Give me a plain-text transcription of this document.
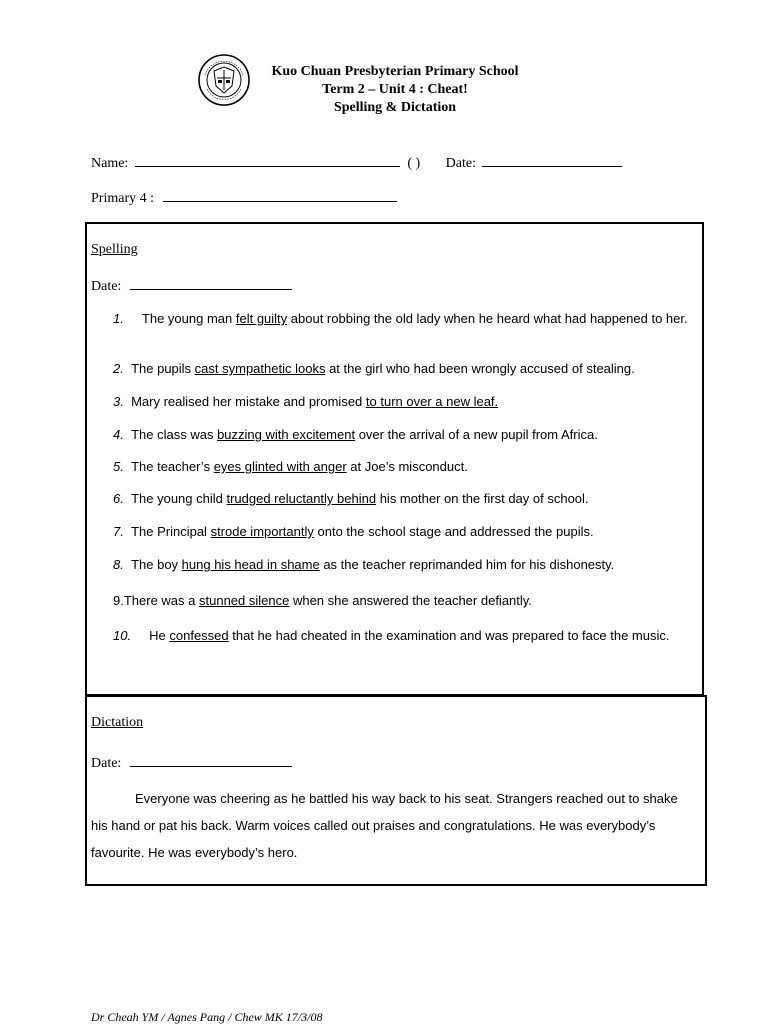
Kuo Chuan Presbyterian Primary School
Term 2 – Unit 4 : Cheat!
Spelling & Dictation
Name:	( ) Date:
Primary 4 :
Spelling
Date:
1. The young man felt guilty about robbing the old lady when he heard what had happened to her.
2. The pupils cast sympathetic looks at the girl who had been wrongly accused of stealing.
3. Mary realised her mistake and promised to turn over a new leaf.
4. The class was buzzing with excitement over the arrival of a new pupil from Africa.
5. The teacher’s eyes glinted with anger at Joe’s misconduct.
6. The young child trudged reluctantly behind his mother on the first day of school.
7. The Principal strode importantly onto the school stage and addressed the pupils.
8. The boy hung his head in shame as the teacher reprimanded him for his dishonesty.
9.There was a stunned silence when she answered the teacher defiantly.
10. He confessed that he had cheated in the examination and was prepared to face the music.
Dictation
Date:
Everyone was cheering as he battled his way back to his seat. Strangers reached out to shake his hand or pat his back. Warm voices called out praises and congratulations. He was everybody’s favourite. He was everybody’s hero.
Dr Cheah YM / Agnes Pang / Chew MK 17/3/08
